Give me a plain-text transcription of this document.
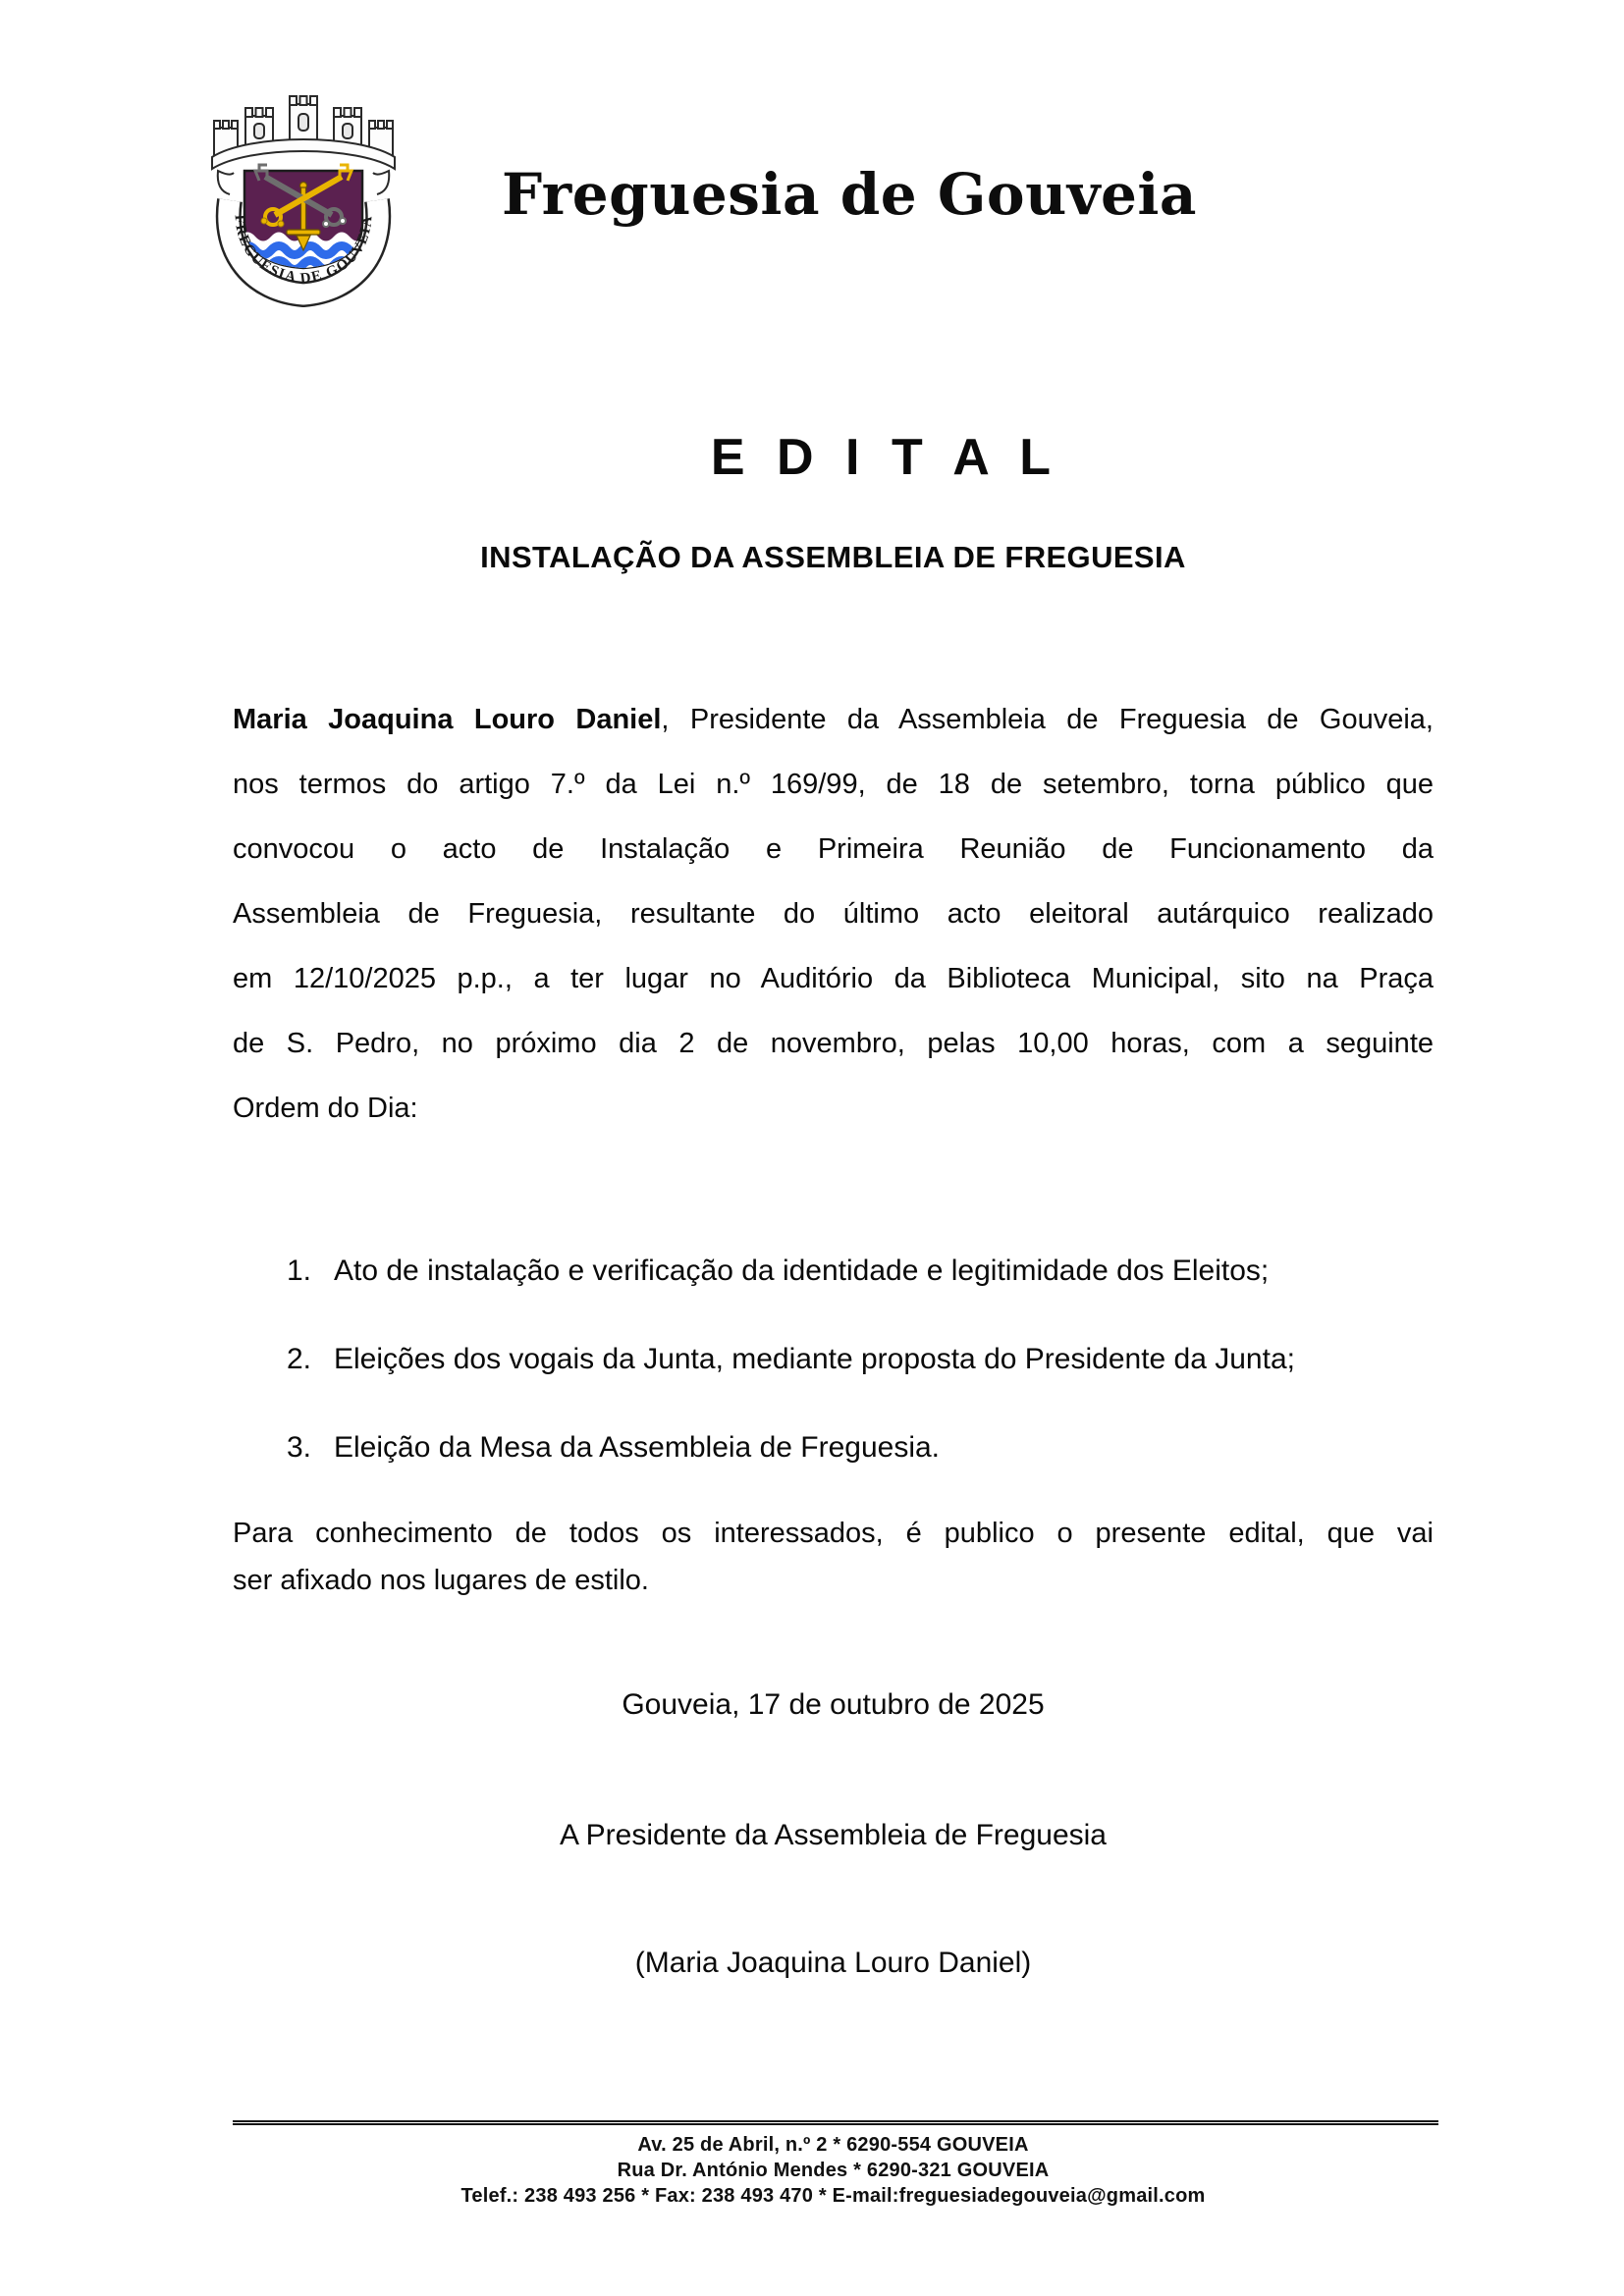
FREGUESIA DE GOUVEIA	Freguesia de Gouveia
E D I T A L
INSTALAÇÃO DA ASSEMBLEIA DE FREGUESIA
Maria Joaquina Louro Daniel, Presidente da Assembleia de Freguesia de Gouveia,
nos termos do artigo 7.º da Lei n.º 169/99, de 18 de setembro, torna público que
convocou o acto de Instalação e Primeira Reunião de Funcionamento da
Assembleia de Freguesia, resultante do último acto eleitoral autárquico realizado
em 12/10/2025 p.p., a ter lugar no Auditório da Biblioteca Municipal, sito na Praça
de S. Pedro, no próximo dia 2 de novembro, pelas 10,00 horas, com a seguinte
Ordem do Dia:
1. Ato de instalação e verificação da identidade e legitimidade dos Eleitos;
2. Eleições dos vogais da Junta, mediante proposta do Presidente da Junta;
3. Eleição da Mesa da Assembleia de Freguesia.
Para conhecimento de todos os interessados, é publico o presente edital, que vai
ser afixado nos lugares de estilo.
Gouveia, 17 de outubro de 2025
A Presidente da Assembleia de Freguesia
(Maria Joaquina Louro Daniel)
Av. 25 de Abril, n.º 2 * 6290-554 GOUVEIA
Rua Dr. António Mendes * 6290-321 GOUVEIA
Telef.: 238 493 256 * Fax: 238 493 470 * E-mail:freguesiadegouveia@gmail.com
